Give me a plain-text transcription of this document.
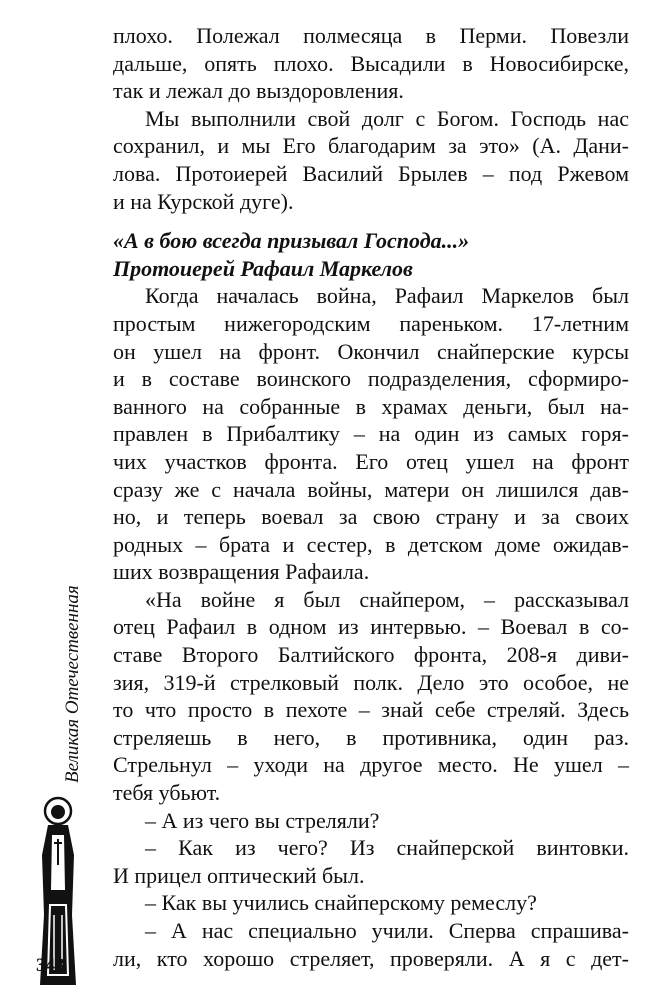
плохо. Полежал полмесяца в Перми. Повезли
дальше, опять плохо. Высадили в Новосибирске,
так и лежал до выздоровления.
Мы выполнили свой долг с Богом. Господь нас
сохранил, и мы Его благодарим за это» (А. Дани-
лова. Протоиерей Василий Брылев – под Ржевом
и на Курской дуге).
«А в бою всегда призывал Господа...»
Протоиерей Рафаил Маркелов
Когда началась война, Рафаил Маркелов был
простым нижегородским пареньком. 17-летним
он ушел на фронт. Окончил снайперские курсы
и в составе воинского подразделения, сформиро-
ванного на собранные в храмах деньги, был на-
правлен в Прибалтику – на один из самых горя-
чих участков фронта. Его отец ушел на фронт
сразу же с начала войны, матери он лишился дав-
но, и теперь воевал за свою страну и за своих
родных – брата и сестер, в детском доме ожидав-
ших возвращения Рафаила.
«На войне я был снайпером, – рассказывал
отец Рафаил в одном из интервью. – Воевал в со-
ставе Второго Балтийского фронта, 208-я диви-
зия, 319-й стрелковый полк. Дело это особое, не
то что просто в пехоте – знай себе стреляй. Здесь
стреляешь в него, в противника, один раз.
Стрельнул – уходи на другое место. Не ушел –
тебя убьют.
– А из чего вы стреляли?
– Как из чего? Из снайперской винтовки.
И прицел оптический был.
– Как вы учились снайперскому ремеслу?
– А нас специально учили. Сперва спрашива-
ли, кто хорошо стреляет, проверяли. А я с дет-
Великая Отечественная
348
